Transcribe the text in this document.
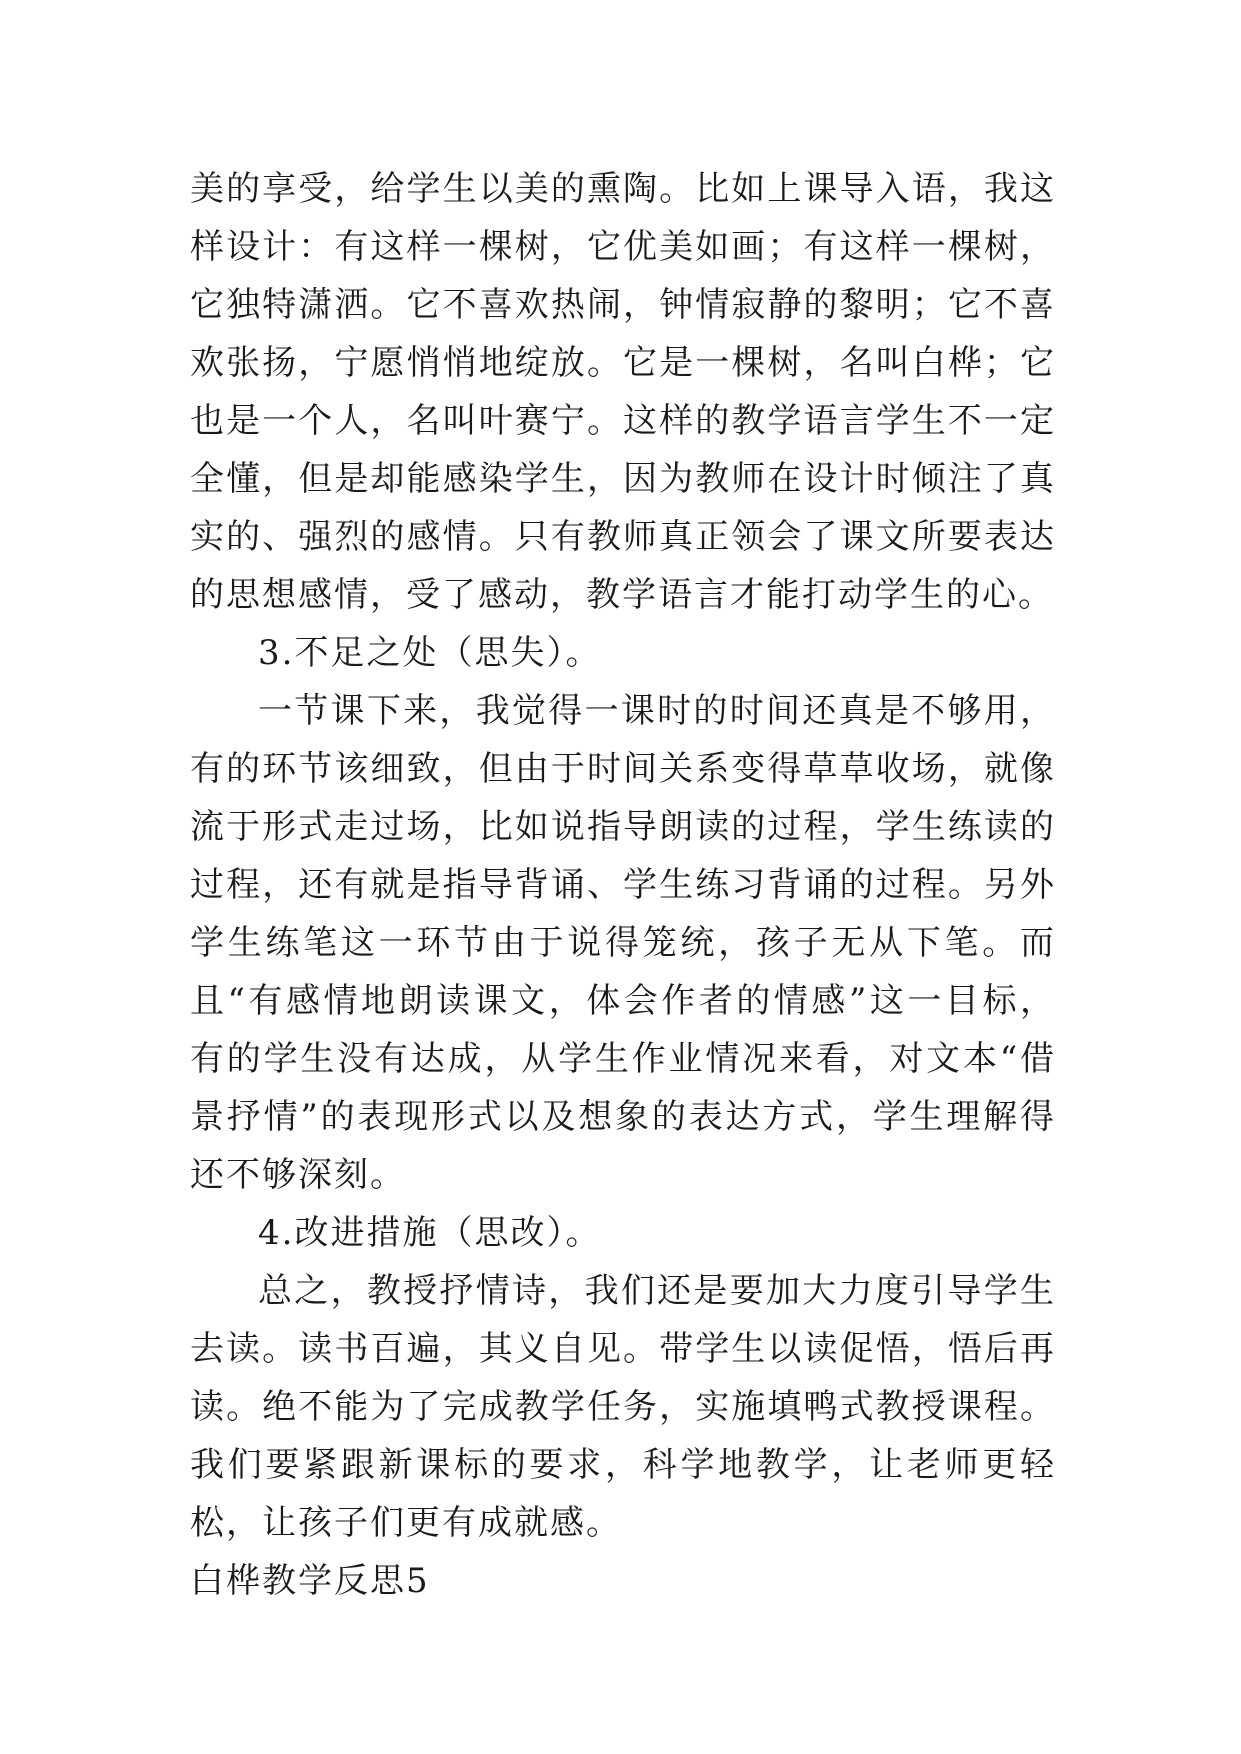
美的享受，给学生以美的熏陶。比如上课导入语，我这样设计：有这样一棵树，它优美如画；有这样一棵树，它独特潇洒。它不喜欢热闹，钟情寂静的黎明；它不喜欢张扬，宁愿悄悄地绽放。它是一棵树，名叫白桦；它也是一个人，名叫叶赛宁。这样的教学语言学生不一定全懂，但是却能感染学生，因为教师在设计时倾注了真实的、强烈的感情。只有教师真正领会了课文所要表达的思想感情，受了感动，教学语言才能打动学生的心。

3.不足之处（思失）。

一节课下来，我觉得一课时的时间还真是不够用，有的环节该细致，但由于时间关系变得草草收场，就像流于形式走过场，比如说指导朗读的过程，学生练读的过程，还有就是指导背诵、学生练习背诵的过程。另外学生练笔这一环节由于说得笼统，孩子无从下笔。而且“有感情地朗读课文，体会作者的情感”这一目标，有的学生没有达成，从学生作业情况来看，对文本“借景抒情”的表现形式以及想象的表达方式，学生理解得还不够深刻。

4.改进措施（思改）。

总之，教授抒情诗，我们还是要加大力度引导学生去读。读书百遍，其义自见。带学生以读促悟，悟后再读。绝不能为了完成教学任务，实施填鸭式教授课程。我们要紧跟新课标的要求，科学地教学，让老师更轻松，让孩子们更有成就感。

白桦教学反思5
